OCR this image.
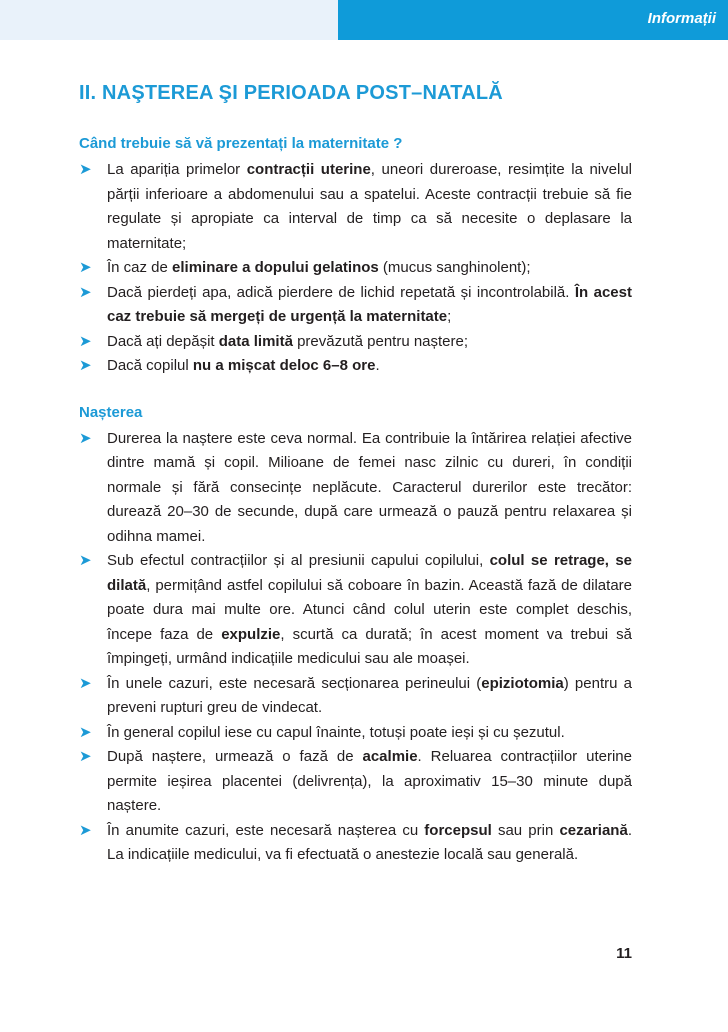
Informații
II. NAŞTEREA ŞI PERIOADA POST–NATALĂ
Când trebuie să vă prezentați la maternitate ?
➤ La apariția primelor contracții uterine, uneori dureroase, resimțite la nivelul părții inferioare a abdomenului sau a spatelui. Aceste contracții trebuie să fie regulate și apropiate ca interval de timp ca să necesite o deplasare la maternitate;
➤ În caz de eliminare a dopului gelatinos (mucus sanghinolent);
➤ Dacă pierdeți apa, adică pierdere de lichid repetată și incontrolabilă. În acest caz trebuie să mergeți de urgență la maternitate;
➤ Dacă ați depășit data limită prevăzută pentru naștere;
➤ Dacă copilul nu a mișcat deloc 6–8 ore.
Nașterea
➤ Durerea la naștere este ceva normal. Ea contribuie la întărirea relației afective dintre mamă și copil. Milioane de femei nasc zilnic cu dureri, în condiții normale și fără consecințe neplăcute. Caracterul durerilor este trecător: durează 20–30 de secunde, după care urmează o pauză pentru relaxarea și odihna mamei.
➤ Sub efectul contracțiilor și al presiunii capului copilului, colul se retrage, se dilată, permițând astfel copilului să coboare în bazin. Această fază de dilatare poate dura mai multe ore. Atunci când colul uterin este complet deschis, începe faza de expulzie, scurtă ca durată; în acest moment va trebui să împingeți, urmând indicațiile medicului sau ale moașei.
➤ În unele cazuri, este necesară secționarea perineului (epiziotomia) pentru a preveni rupturi greu de vindecat.
➤ În general copilul iese cu capul înainte, totuși poate ieși și cu șezutul.
➤ După naștere, urmează o fază de acalmie. Reluarea contracțiilor uterine permite ieșirea placentei (delivrența), la aproximativ 15–30 minute după naștere.
➤ În anumite cazuri, este necesară nașterea cu forcepsul sau prin cezariană. La indicațiile medicului, va fi efectuată o anestezie locală sau generală.
11
